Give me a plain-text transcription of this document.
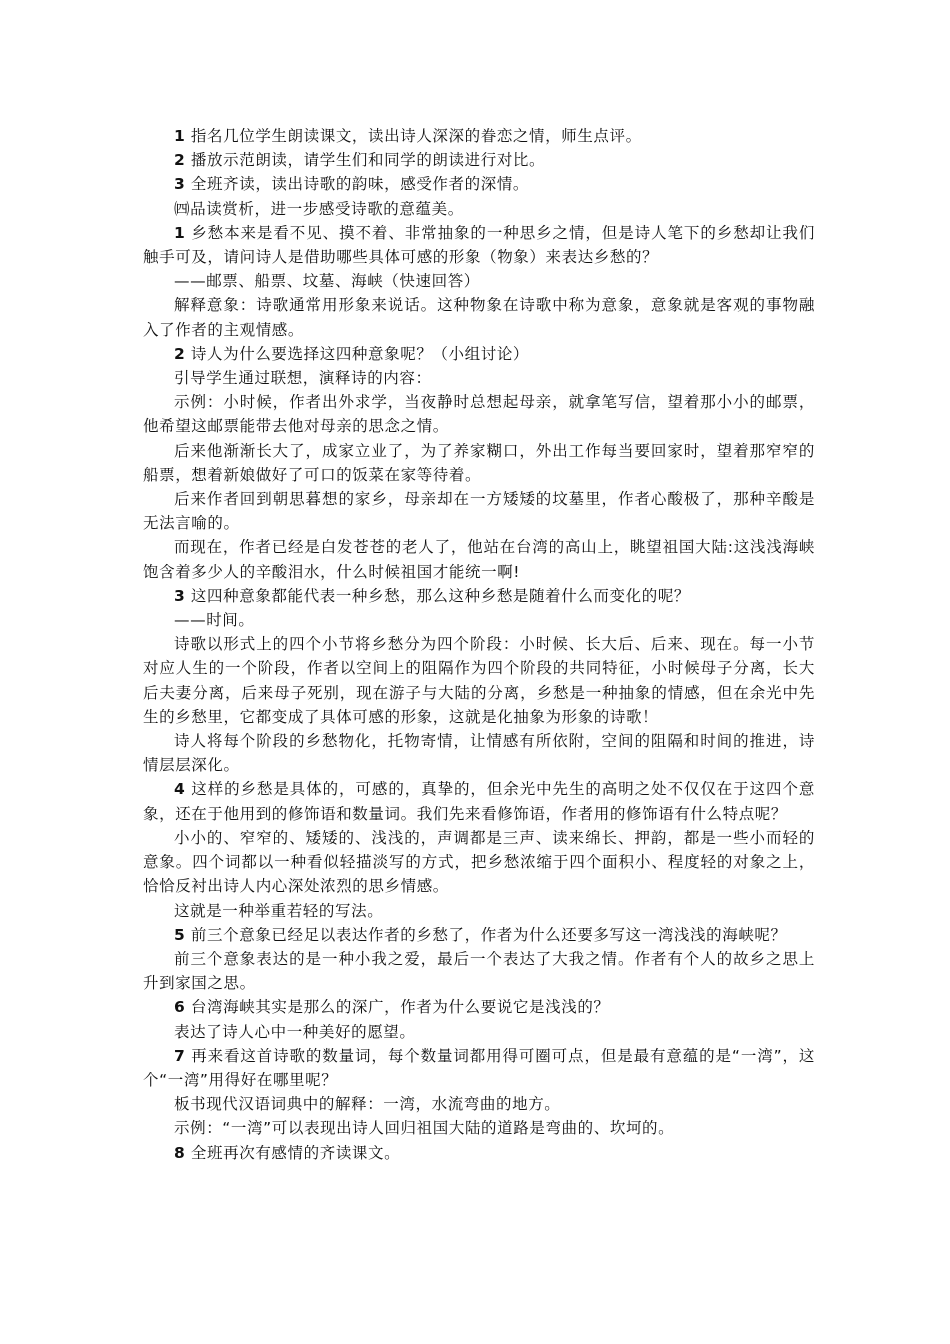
1 指名几位学生朗读课文，读出诗人深深的眷恋之情，师生点评。

2 播放示范朗读，请学生们和同学的朗读进行对比。

3 全班齐读，读出诗歌的韵味，感受作者的深情。

㈣品读赏析，进一步感受诗歌的意蕴美。

1 乡愁本来是看不见、摸不着、非常抽象的一种思乡之情，但是诗人笔下的乡愁却让我们触手可及，请问诗人是借助哪些具体可感的形象（物象）来表达乡愁的？

——邮票、船票、坟墓、海峡（快速回答）

解释意象：诗歌通常用形象来说话。这种物象在诗歌中称为意象，意象就是客观的事物融入了作者的主观情感。

2 诗人为什么要选择这四种意象呢？（小组讨论）

引导学生通过联想，演释诗的内容：

示例：小时候，作者出外求学，当夜静时总想起母亲，就拿笔写信，望着那小小的邮票，他希望这邮票能带去他对母亲的思念之情。

后来他渐渐长大了，成家立业了，为了养家糊口，外出工作每当要回家时，望着那窄窄的船票，想着新娘做好了可口的饭菜在家等待着。

后来作者回到朝思暮想的家乡，母亲却在一方矮矮的坟墓里，作者心酸极了，那种辛酸是无法言喻的。

而现在，作者已经是白发苍苍的老人了，他站在台湾的高山上，眺望祖国大陆:这浅浅海峡饱含着多少人的辛酸泪水，什么时候祖国才能统一啊!

3 这四种意象都能代表一种乡愁，那么这种乡愁是随着什么而变化的呢？

——时间。

诗歌以形式上的四个小节将乡愁分为四个阶段：小时候、长大后、后来、现在。每一小节对应人生的一个阶段，作者以空间上的阻隔作为四个阶段的共同特征，小时候母子分离，长大后夫妻分离，后来母子死别，现在游子与大陆的分离，乡愁是一种抽象的情感，但在余光中先生的乡愁里，它都变成了具体可感的形象，这就是化抽象为形象的诗歌！

诗人将每个阶段的乡愁物化，托物寄情，让情感有所依附，空间的阻隔和时间的推进，诗情层层深化。

4 这样的乡愁是具体的，可感的，真挚的，但余光中先生的高明之处不仅仅在于这四个意象，还在于他用到的修饰语和数量词。我们先来看修饰语，作者用的修饰语有什么特点呢？

小小的、窄窄的、矮矮的、浅浅的，声调都是三声、读来绵长、押韵，都是一些小而轻的意象。四个词都以一种看似轻描淡写的方式，把乡愁浓缩于四个面积小、程度轻的对象之上，恰恰反衬出诗人内心深处浓烈的思乡情感。

这就是一种举重若轻的写法。

5 前三个意象已经足以表达作者的乡愁了，作者为什么还要多写这一湾浅浅的海峡呢？

前三个意象表达的是一种小我之爱，最后一个表达了大我之情。作者有个人的故乡之思上升到家国之思。

6 台湾海峡其实是那么的深广，作者为什么要说它是浅浅的？

表达了诗人心中一种美好的愿望。

7 再来看这首诗歌的数量词，每个数量词都用得可圈可点，但是最有意蕴的是“一湾”，这个“一湾”用得好在哪里呢？

板书现代汉语词典中的解释：一湾，水流弯曲的地方。

示例：“一湾”可以表现出诗人回归祖国大陆的道路是弯曲的、坎坷的。

8 全班再次有感情的齐读课文。
